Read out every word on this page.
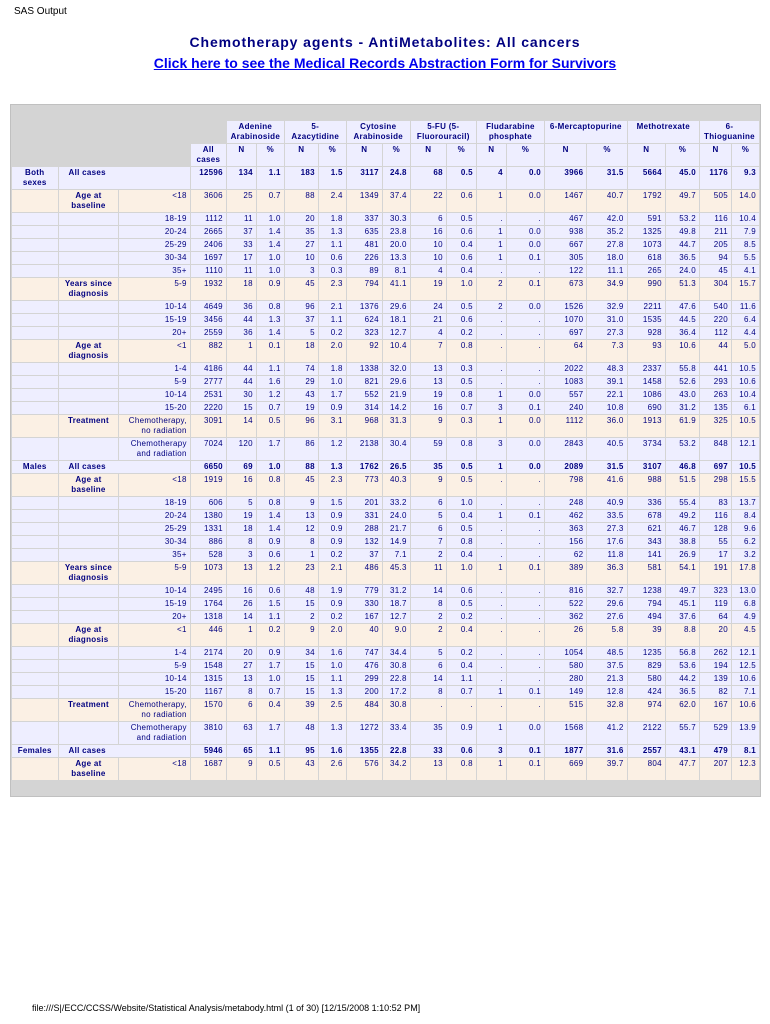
SAS Output
Chemotherapy agents - AntiMetabolites: All cancers
Click here to see the Medical Records Abstraction Form for Survivors

				Adenine Arabinoside		5-Azacytidine		Cytosine Arabinoside		5-FU (5-Fluorouracil)		Fludarabine phosphate		6-Mercaptopurine		Methotrexate		6-Thioguanine	
			All cases	N	%	N	%	N	%	N	%	N	%	N	%	N	%	N	%
Both sexes	All cases		12596	134	1.1	183	1.5	3117	24.8	68	0.5	4	0.0	3966	31.5	5664	45.0	1176	9.3
	Age at baseline	<18	3606	25	0.7	88	2.4	1349	37.4	22	0.6	1	0.0	1467	40.7	1792	49.7	505	14.0
		18-19	1112	11	1.0	20	1.8	337	30.3	6	0.5	.	.	467	42.0	591	53.2	116	10.4
		20-24	2665	37	1.4	35	1.3	635	23.8	16	0.6	1	0.0	938	35.2	1325	49.8	211	7.9
		25-29	2406	33	1.4	27	1.1	481	20.0	10	0.4	1	0.0	667	27.8	1073	44.7	205	8.5
		30-34	1697	17	1.0	10	0.6	226	13.3	10	0.6	1	0.1	305	18.0	618	36.5	94	5.5
		35+	1110	11	1.0	3	0.3	89	8.1	4	0.4	.	.	122	11.1	265	24.0	45	4.1
	Years since diagnosis	5-9	1932	18	0.9	45	2.3	794	41.1	19	1.0	2	0.1	673	34.9	990	51.3	304	15.7
		10-14	4649	36	0.8	96	2.1	1376	29.6	24	0.5	2	0.0	1526	32.9	2211	47.6	540	11.6
		15-19	3456	44	1.3	37	1.1	624	18.1	21	0.6	.	.	1070	31.0	1535	44.5	220	6.4
		20+	2559	36	1.4	5	0.2	323	12.7	4	0.2	.	.	697	27.3	928	36.4	112	4.4
	Age at diagnosis	<1	882	1	0.1	18	2.0	92	10.4	7	0.8	.	.	64	7.3	93	10.6	44	5.0
		1-4	4186	44	1.1	74	1.8	1338	32.0	13	0.3	.	.	2022	48.3	2337	55.8	441	10.5
		5-9	2777	44	1.6	29	1.0	821	29.6	13	0.5	.	.	1083	39.1	1458	52.6	293	10.6
		10-14	2531	30	1.2	43	1.7	552	21.9	19	0.8	1	0.0	557	22.1	1086	43.0	263	10.4
		15-20	2220	15	0.7	19	0.9	314	14.2	16	0.7	3	0.1	240	10.8	690	31.2	135	6.1
	Treatment	Chemotherapy, no radiation	3091	14	0.5	96	3.1	968	31.3	9	0.3	1	0.0	1112	36.0	1913	61.9	325	10.5
		Chemotherapy and radiation	7024	120	1.7	86	1.2	2138	30.4	59	0.8	3	0.0	2843	40.5	3734	53.2	848	12.1
Males	All cases		6650	69	1.0	88	1.3	1762	26.5	35	0.5	1	0.0	2089	31.5	3107	46.8	697	10.5
	Age at baseline	<18	1919	16	0.8	45	2.3	773	40.3	9	0.5	.	.	798	41.6	988	51.5	298	15.5
		18-19	606	5	0.8	9	1.5	201	33.2	6	1.0	.	.	248	40.9	336	55.4	83	13.7
		20-24	1380	19	1.4	13	0.9	331	24.0	5	0.4	1	0.1	462	33.5	678	49.2	116	8.4
		25-29	1331	18	1.4	12	0.9	288	21.7	6	0.5	.	.	363	27.3	621	46.7	128	9.6
		30-34	886	8	0.9	8	0.9	132	14.9	7	0.8	.	.	156	17.6	343	38.8	55	6.2
		35+	528	3	0.6	1	0.2	37	7.1	2	0.4	.	.	62	11.8	141	26.9	17	3.2
	Years since diagnosis	5-9	1073	13	1.2	23	2.1	486	45.3	11	1.0	1	0.1	389	36.3	581	54.1	191	17.8
		10-14	2495	16	0.6	48	1.9	779	31.2	14	0.6	.	.	816	32.7	1238	49.7	323	13.0
		15-19	1764	26	1.5	15	0.9	330	18.7	8	0.5	.	.	522	29.6	794	45.1	119	6.8
		20+	1318	14	1.1	2	0.2	167	12.7	2	0.2	.	.	362	27.6	494	37.6	64	4.9
	Age at diagnosis	<1	446	1	0.2	9	2.0	40	9.0	2	0.4	.	.	26	5.8	39	8.8	20	4.5
		1-4	2174	20	0.9	34	1.6	747	34.4	5	0.2	.	.	1054	48.5	1235	56.8	262	12.1
		5-9	1548	27	1.7	15	1.0	476	30.8	6	0.4	.	.	580	37.5	829	53.6	194	12.5
		10-14	1315	13	1.0	15	1.1	299	22.8	14	1.1	.	.	280	21.3	580	44.2	139	10.6
		15-20	1167	8	0.7	15	1.3	200	17.2	8	0.7	1	0.1	149	12.8	424	36.5	82	7.1
	Treatment	Chemotherapy, no radiation	1570	6	0.4	39	2.5	484	30.8	.	.	.	.	515	32.8	974	62.0	167	10.6
		Chemotherapy and radiation	3810	63	1.7	48	1.3	1272	33.4	35	0.9	1	0.0	1568	41.2	2122	55.7	529	13.9
Females	All cases		5946	65	1.1	95	1.6	1355	22.8	33	0.6	3	0.1	1877	31.6	2557	43.1	479	8.1
	Age at baseline	<18	1687	9	0.5	43	2.6	576	34.2	13	0.8	1	0.1	669	39.7	804	47.7	207	12.3

file:///S|/ECC/CCSS/Website/Statistical Analysis/metabody.html (1 of 30) [12/15/2008 1:10:52 PM]
